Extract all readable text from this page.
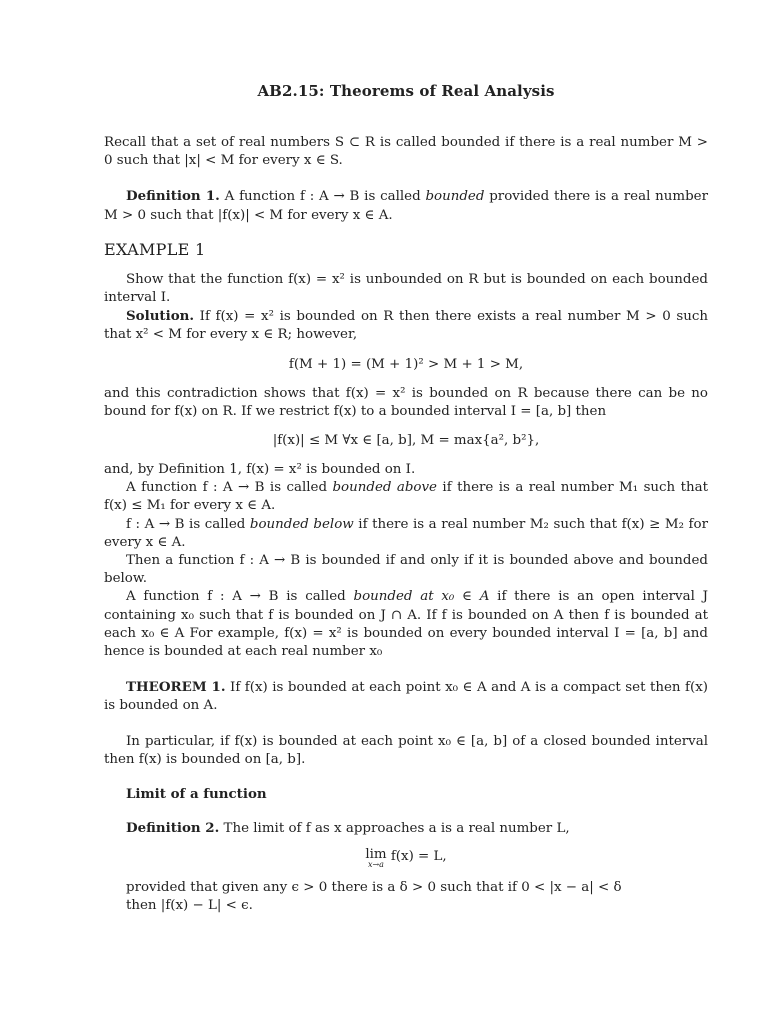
AB2.15: Theorems of Real Analysis

Recall that a set of real numbers S ⊂ R is called bounded if there is a real number M > 0 such that |x| < M for every x ∈ S.

Definition 1. A function f : A → B is called bounded provided there is a real number M > 0 such that |f(x)| < M for every x ∈ A.

EXAMPLE 1

Show that the function f(x) = x² is unbounded on R but is bounded on each bounded interval I.

Solution. If f(x) = x² is bounded on R then there exists a real number M > 0 such that x² < M for every x ∈ R; however,

f(M + 1) = (M + 1)² > M + 1 > M,

and this contradiction shows that f(x) = x² is bounded on R because there can be no bound for f(x) on R. If we restrict f(x) to a bounded interval I = [a, b] then

|f(x)| ≤ M ∀x ∈ [a, b], M = max{a², b²},

and, by Definition 1, f(x) = x² is bounded on I.

A function f : A → B is called bounded above if there is a real number M₁ such that f(x) ≤ M₁ for every x ∈ A.

f : A → B is called bounded below if there is a real number M₂ such that f(x) ≥ M₂ for every x ∈ A.

Then a function f : A → B is bounded if and only if it is bounded above and bounded below.

A function f : A → B is called bounded at x₀ ∈ A if there is an open interval J containing x₀ such that f is bounded on J ∩ A. If f is bounded on A then f is bounded at each x₀ ∈ A For example, f(x) = x² is bounded on every bounded interval I = [a, b] and hence is bounded at each real number x₀

THEOREM 1. If f(x) is bounded at each point x₀ ∈ A and A is a compact set then f(x) is bounded on A.

In particular, if f(x) is bounded at each point x₀ ∈ [a, b] of a closed bounded interval then f(x) is bounded on [a, b].

Limit of a function

Definition 2. The limit of f as x approaches a is a real number L,

lim
x→a
f(x) = L,

provided that given any ϵ > 0 there is a δ > 0 such that if 0 < |x − a| < δ

then |f(x) − L| < ϵ.
